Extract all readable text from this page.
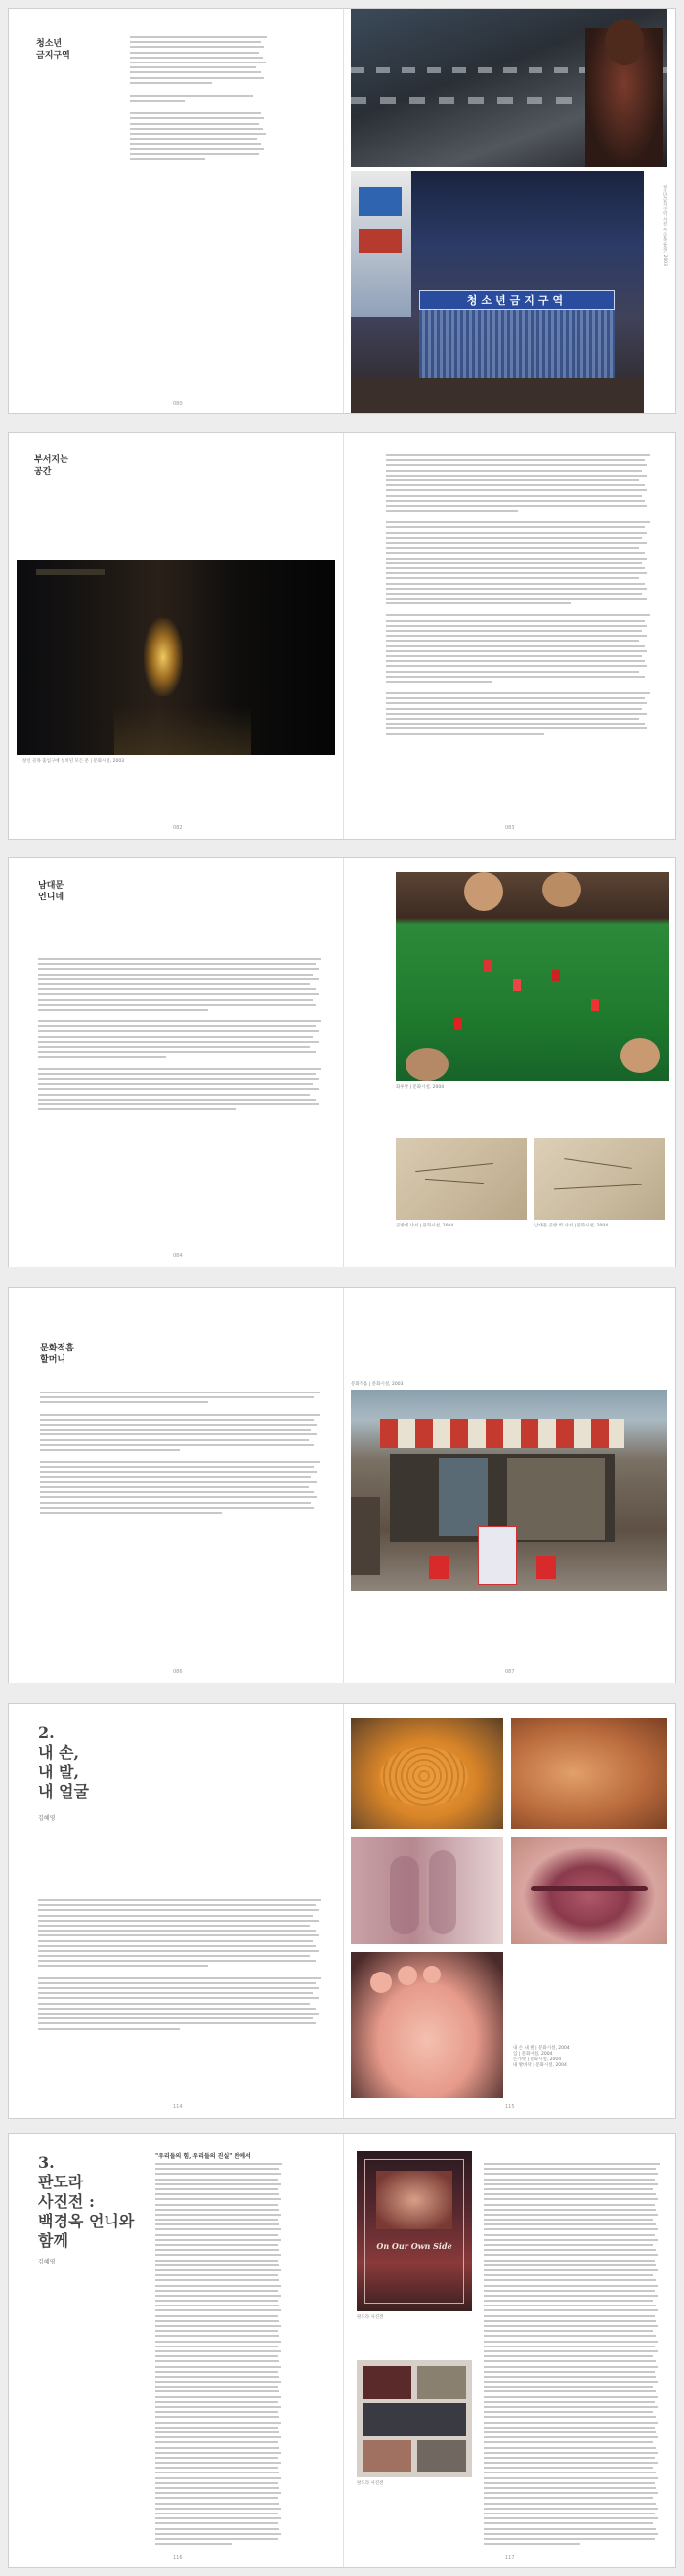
청소년
금지구역
080
청소년금지구역
청소년금지구역 사진 속 골목 풍경, 2003
부서지는
공간
창신 골목 출입구에 설치된 모든 문 | 문화시설, 2003
082	083
남대문
언니네
084
화투방 | 문화시설, 2004
골방에 낙서 | 문화시설, 2004	남대문 골방 벽 낙서 | 문화시설, 2004
문화적흡
할머니
086	087
문화적흡 | 문화시설, 2003
2.
내 손,
내 발,
내 얼굴
김혜영
114	115
내 손 내 발 | 문화시설, 2004
입 | 문화시설, 2004
손가락 | 문화시설, 2004
내 발바닥 | 문화시설, 2004
3.
판도라
사진전 :
백경옥 언니와
함께
김혜영
"우리들의 힘, 우리들의 진실" 전에서
116	117
On Our Own Side
판도라 사진전
판도라 사진전
